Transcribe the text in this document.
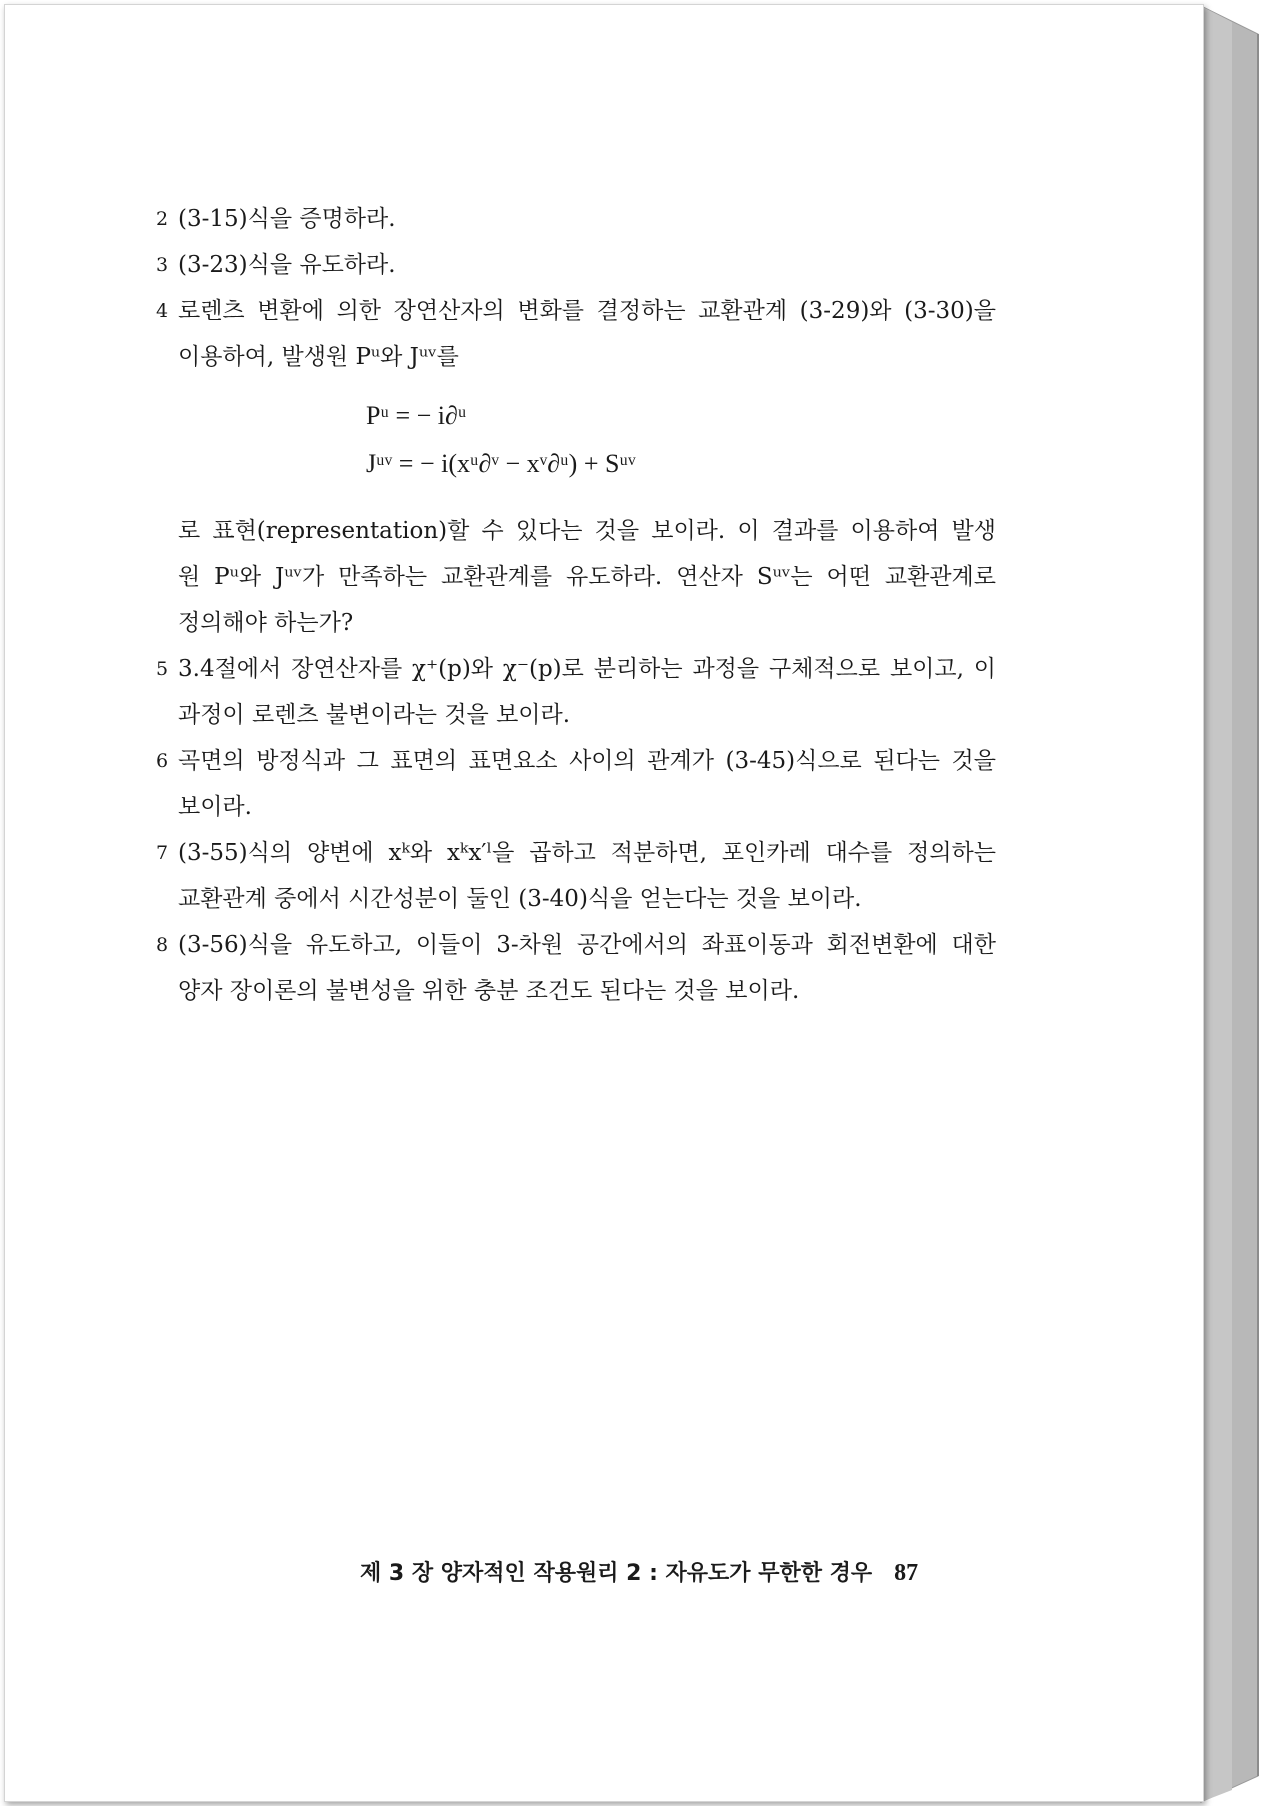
2 (3-15)식을 증명하라.
3 (3-23)식을 유도하라.
4 로렌츠 변환에 의한 장연산자의 변화를 결정하는 교환관계 (3-29)와 (3-30)을
이용하여, 발생원 Pᵘ와 Jᵘᵛ를
Pᵘ = − i∂ᵘ
Jᵘᵛ = − i(xᵘ∂ᵛ − xᵛ∂ᵘ) + Sᵘᵛ
로 표현(representation)할 수 있다는 것을 보이라. 이 결과를 이용하여 발생
원 Pᵘ와 Jᵘᵛ가 만족하는 교환관계를 유도하라. 연산자 Sᵘᵛ는 어떤 교환관계로
정의해야 하는가?
5 3.4절에서 장연산자를 χ⁺(p)와 χ⁻(p)로 분리하는 과정을 구체적으로 보이고, 이
과정이 로렌츠 불변이라는 것을 보이라.
6 곡면의 방정식과 그 표면의 표면요소 사이의 관계가 (3-45)식으로 된다는 것을
보이라.
7 (3-55)식의 양변에 xᵏ와 xᵏx′ˡ을 곱하고 적분하면, 포인카레 대수를 정의하는
교환관계 중에서 시간성분이 둘인 (3-40)식을 얻는다는 것을 보이라.
8 (3-56)식을 유도하고, 이들이 3-차원 공간에서의 좌표이동과 회전변환에 대한
양자 장이론의 불변성을 위한 충분 조건도 된다는 것을 보이라.
제 3 장 양자적인 작용원리 2 : 자유도가 무한한 경우 87
